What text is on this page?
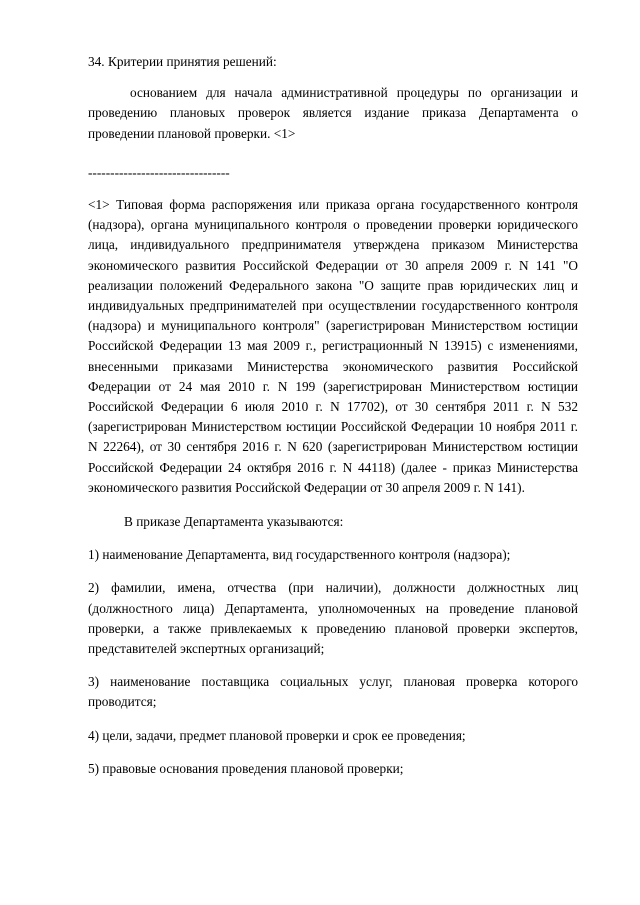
34. Критерии принятия решений:

основанием для начала административной процедуры по организации и проведению плановых проверок является издание приказа Департамента о проведении плановой проверки. <1>

--------------------------------

<1> Типовая форма распоряжения или приказа органа государственного контроля (надзора), органа муниципального контроля о проведении проверки юридического лица, индивидуального предпринимателя утверждена приказом Министерства экономического развития Российской Федерации от 30 апреля 2009 г. N 141 "О реализации положений Федерального закона "О защите прав юридических лиц и индивидуальных предпринимателей при осуществлении государственного контроля (надзора) и муниципального контроля" (зарегистрирован Министерством юстиции Российской Федерации 13 мая 2009 г., регистрационный N 13915) с изменениями, внесенными приказами Министерства экономического развития Российской Федерации от 24 мая 2010 г. N 199 (зарегистрирован Министерством юстиции Российской Федерации 6 июля 2010 г. N 17702), от 30 сентября 2011 г. N 532 (зарегистрирован Министерством юстиции Российской Федерации 10 ноября 2011 г. N 22264), от 30 сентября 2016 г. N 620 (зарегистрирован Министерством юстиции Российской Федерации 24 октября 2016 г. N 44118) (далее - приказ Министерства экономического развития Российской Федерации от 30 апреля 2009 г. N 141).

В приказе Департамента указываются:

1) наименование Департамента, вид государственного контроля (надзора);

2) фамилии, имена, отчества (при наличии), должности должностных лиц (должностного лица) Департамента, уполномоченных на проведение плановой проверки, а также привлекаемых к проведению плановой проверки экспертов, представителей экспертных организаций;

3) наименование поставщика социальных услуг, плановая проверка которого проводится;

4) цели, задачи, предмет плановой проверки и срок ее проведения;

5) правовые основания проведения плановой проверки;
